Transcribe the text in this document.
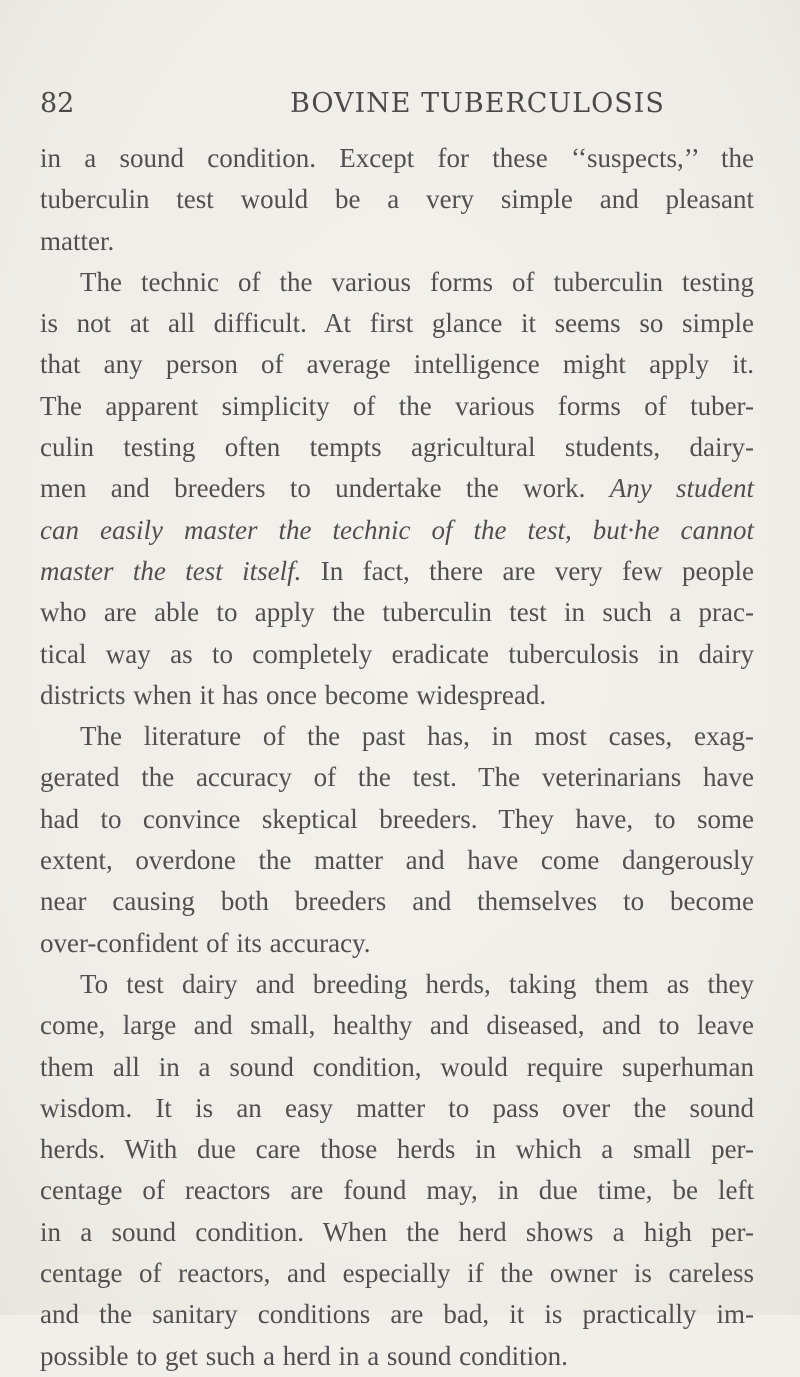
82	BOVINE TUBERCULOSIS
in a sound condition. Except for these ‘‘suspects,’’ the
tuberculin test would be a very simple and pleasant
matter.
The technic of the various forms of tuberculin testing
is not at all difficult. At first glance it seems so simple
that any person of average intelligence might apply it.
The apparent simplicity of the various forms of tuber-
culin testing often tempts agricultural students, dairy-
men and breeders to undertake the work. Any student
can easily master the technic of the test, but·he cannot
master the test itself. In fact, there are very few people
who are able to apply the tuberculin test in such a prac-
tical way as to completely eradicate tuberculosis in dairy
districts when it has once become widespread.
The literature of the past has, in most cases, exag-
gerated the accuracy of the test. The veterinarians have
had to convince skeptical breeders. They have, to some
extent, overdone the matter and have come dangerously
near causing both breeders and themselves to become
over-confident of its accuracy.
To test dairy and breeding herds, taking them as they
come, large and small, healthy and diseased, and to leave
them all in a sound condition, would require superhuman
wisdom. It is an easy matter to pass over the sound
herds. With due care those herds in which a small per-
centage of reactors are found may, in due time, be left
in a sound condition. When the herd shows a high per-
centage of reactors, and especially if the owner is careless
and the sanitary conditions are bad, it is practically im-
possible to get such a herd in a sound condition.
